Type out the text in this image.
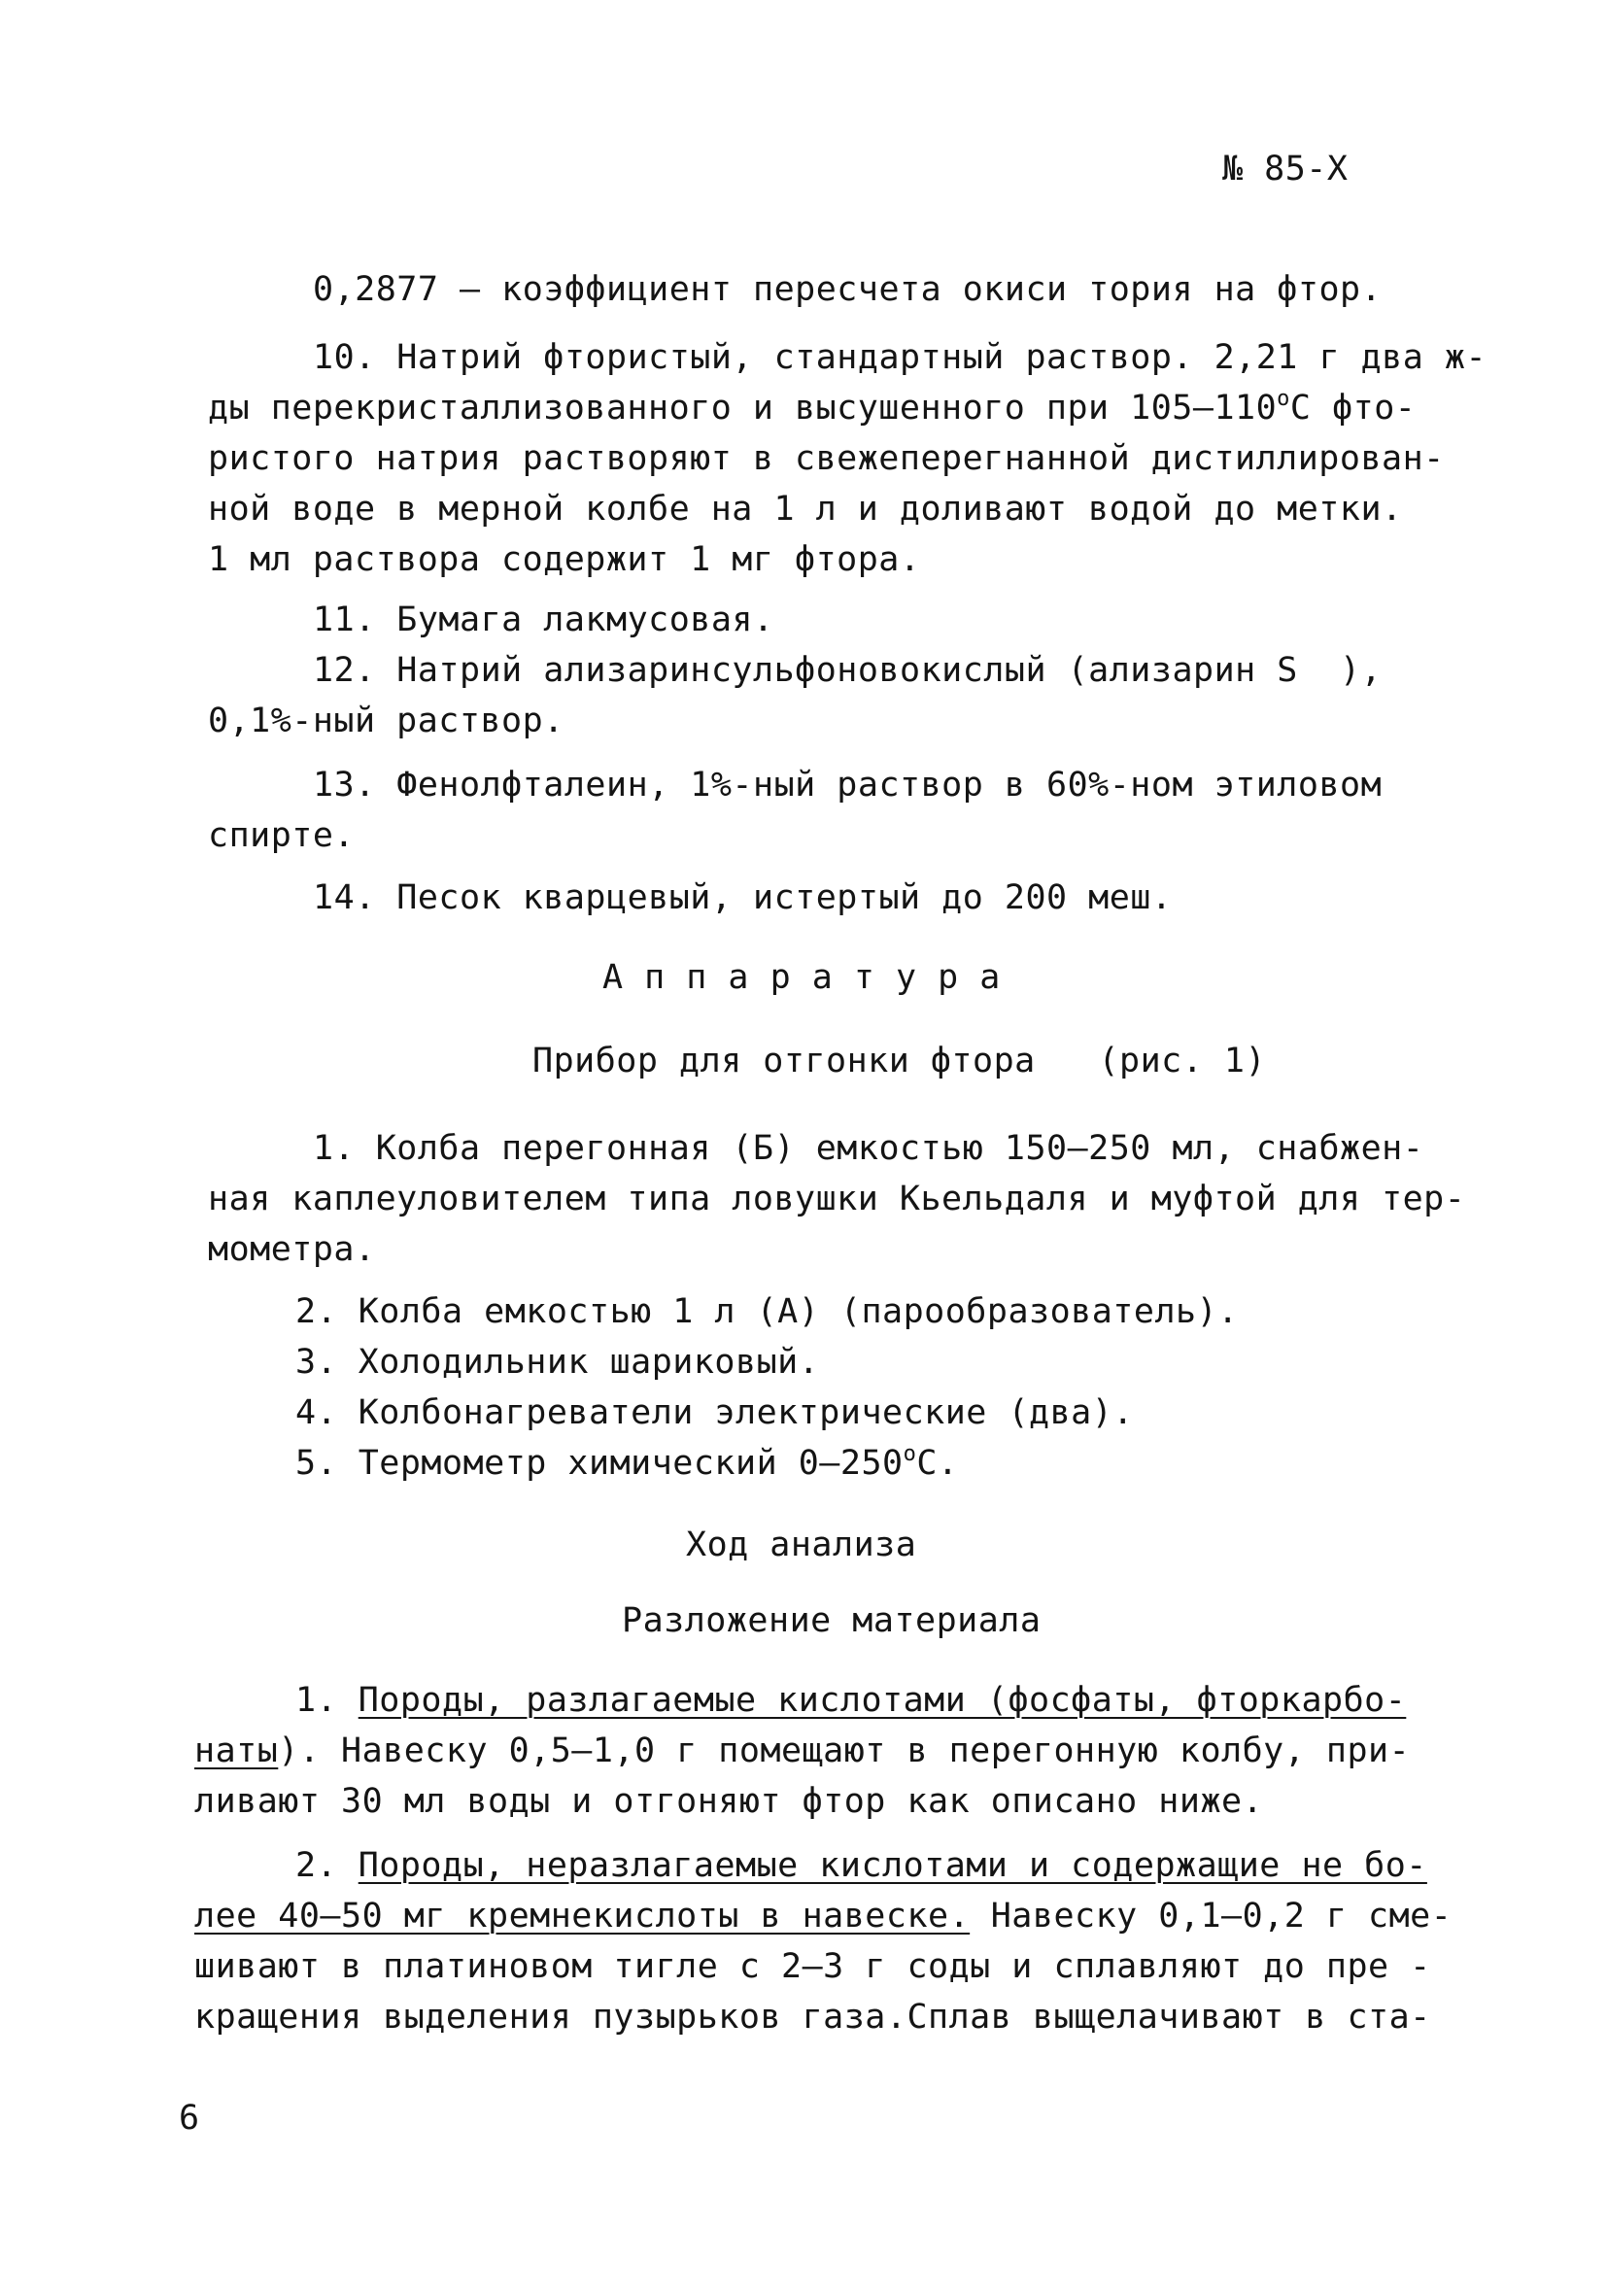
№ 85-Х
0,2877 – коэффициент пересчета окиси тория на фтор.
10. Натрий фтористый, стандартный раствор. 2,21 г два ж-
ды перекристаллизованного и высушенного при 105–110$^o$С фто-
ристого натрия растворяют в свежеперегнанной дистиллирован-
ной воде в мерной колбе на 1 л и доливают водой до метки.
1 мл раствора содержит 1 мг фтора.
11. Бумага лакмусовая.
12. Натрий ализаринсульфоновокислый (ализарин S  ),
0,1%-ный раствор.
13. Фенолфталеин, 1%-ный раствор в 60%-ном этиловом
спирте.
14. Песок кварцевый, истертый до 200 меш.
А п п а р а т у р а
Прибор для отгонки фтора   (рис. 1)
1. Колба перегонная (Б) емкостью 150–250 мл, снабжен-
ная каплеуловителем типа ловушки Кьельдаля и муфтой для тер-
мометра.
2. Колба емкостью 1 л (А) (парообразователь).
3. Холодильник шариковый.
4. Колбонагреватели электрические (два).
5. Термометр химический 0–250$^o$С.
Ход анализа
Разложение материала
1. Породы, разлагаемые кислотами (фосфаты, фторкарбо-
наты). Навеску 0,5–1,0 г помещают в перегонную колбу, при-
ливают 30 мл воды и отгоняют фтор как описано ниже.
2. Породы, неразлагаемые кислотами и содержащие не бо-
лее 40–50 мг кремнекислоты в навеске. Навеску 0,1–0,2 г сме-
шивают в платиновом тигле с 2–3 г соды и сплавляют до пре -
кращения выделения пузырьков газа.Сплав выщелачивают в ста-
6
